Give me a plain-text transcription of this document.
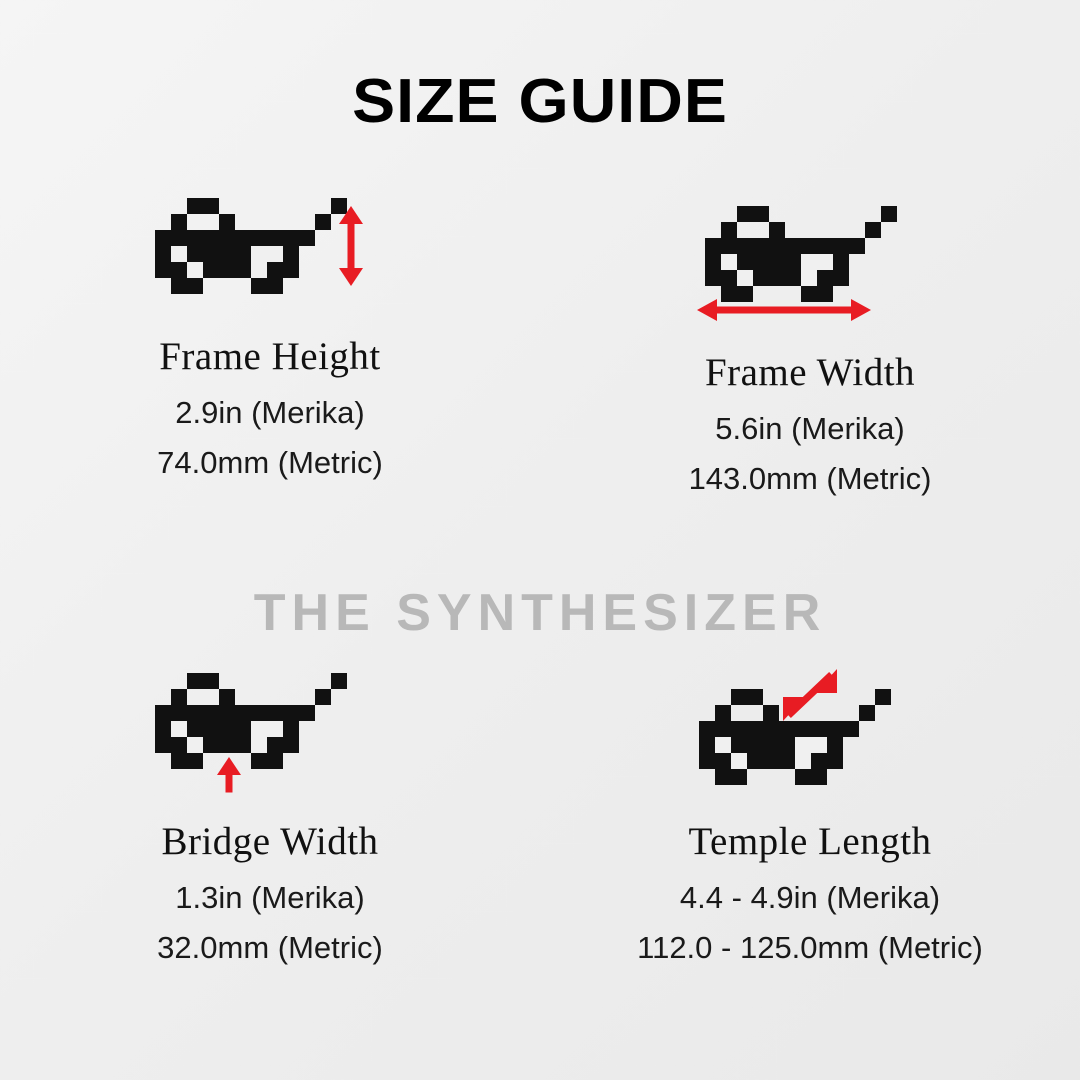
SIZE GUIDE
THE SYNTHESIZER
Frame Height
2.9in (Merika)
74.0mm (Metric)
Frame Width
5.6in (Merika)
143.0mm (Metric)
Bridge Width
1.3in (Merika)
32.0mm (Metric)
Temple Length
4.4 - 4.9in (Merika)
112.0 - 125.0mm (Metric)
